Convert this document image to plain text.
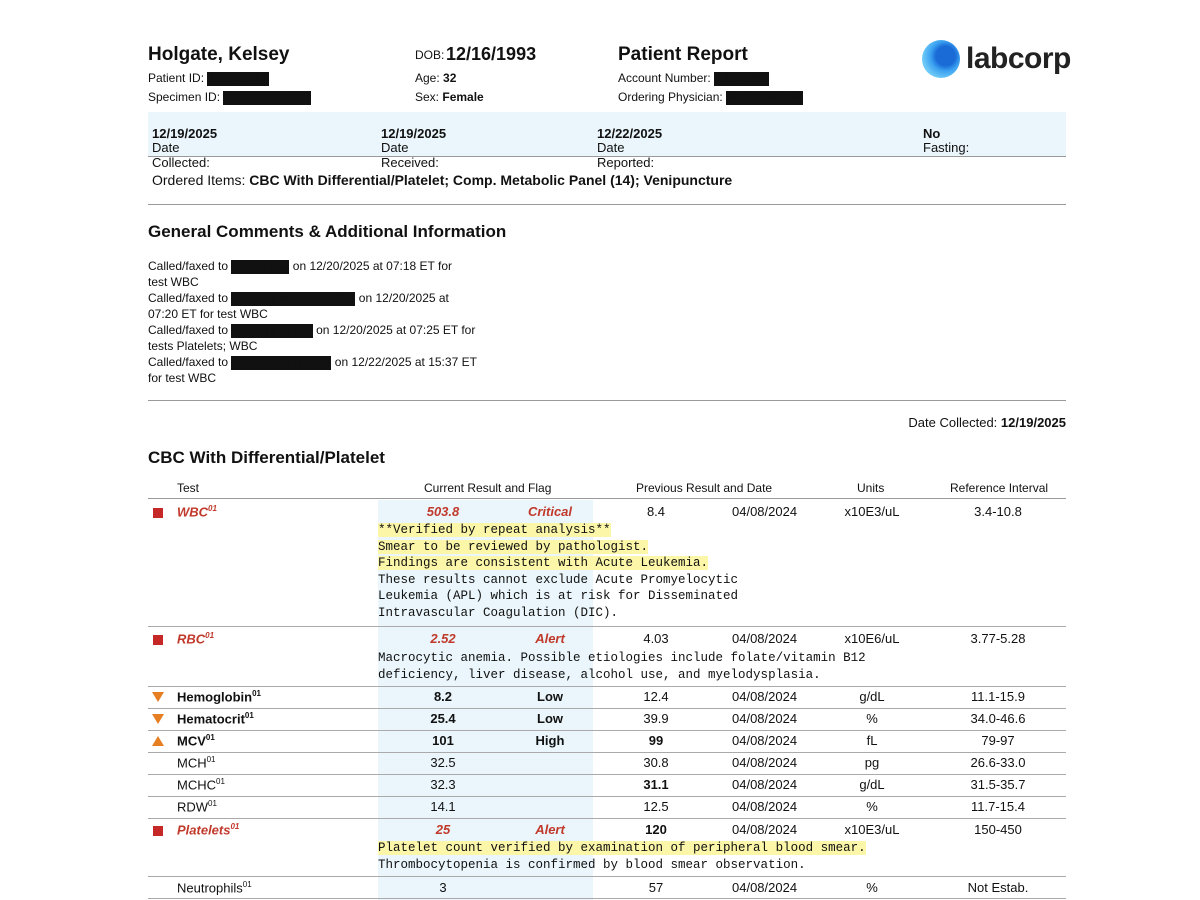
Holgate, Kelsey
Patient ID: 129579967
Specimen ID: 353-059-9514-0
DOB: 12/16/1993
Age: 32
Sex: Female
Patient Report
Account Number: 12343250
Ordering Physician: A ROBINSON
labcorp
Date Collected:
12/19/2025
Date Received:
12/19/2025
Date Reported:
12/22/2025
Fasting:
No
Ordered Items: CBC With Differential/Platelet; Comp. Metabolic Panel (14); Venipuncture
General Comments & Additional Information
Called/faxed to terri m csa on 12/20/2025 at 07:18 ET for
test WBC
Called/faxed to Daniella Morrison CSR on 12/20/2025 at
07:20 ET for test WBC
Called/faxed to michelle m csa on 12/20/2025 at 07:25 ET for
tests Platelets; WBC
Called/faxed to Esperanza N PCR on 12/22/2025 at 15:37 ET
for test WBC
Date Collected: 12/19/2025
CBC With Differential/Platelet
Test	Current Result and Flag	Previous Result and Date	Units	Reference Interval
WBC$^{01}$	503.8	Critical	8.4	04/08/2024	x10E3/uL	3.4-10.8
**Verified by repeat analysis**
Smear to be reviewed by pathologist.
Findings are consistent with Acute Leukemia.
These results cannot exclude Acute Promyelocytic
Leukemia (APL) which is at risk for Disseminated
Intravascular Coagulation (DIC).
RBC$^{01}$	2.52	Alert	4.03	04/08/2024	x10E6/uL	3.77-5.28
Macrocytic anemia. Possible etiologies include folate/vitamin B12
deficiency, liver disease, alcohol use, and myelodysplasia.
Hemoglobin$^{01}$	8.2	Low	12.4	04/08/2024	g/dL	11.1-15.9
Hematocrit$^{01}$	25.4	Low	39.9	04/08/2024	%	34.0-46.6
MCV$^{01}$	101	High	99	04/08/2024	fL	79-97
MCH$^{01}$	32.5	30.8	04/08/2024	pg	26.6-33.0
MCHC$^{01}$	32.3	31.1	04/08/2024	g/dL	31.5-35.7
RDW$^{01}$	14.1	12.5	04/08/2024	%	11.7-15.4
Platelets$^{01}$	25	Alert	120	04/08/2024	x10E3/uL	150-450
Platelet count verified by examination of peripheral blood smear.
Thrombocytopenia is confirmed by blood smear observation.
Neutrophils$^{01}$	3	57	04/08/2024	%	Not Estab.
